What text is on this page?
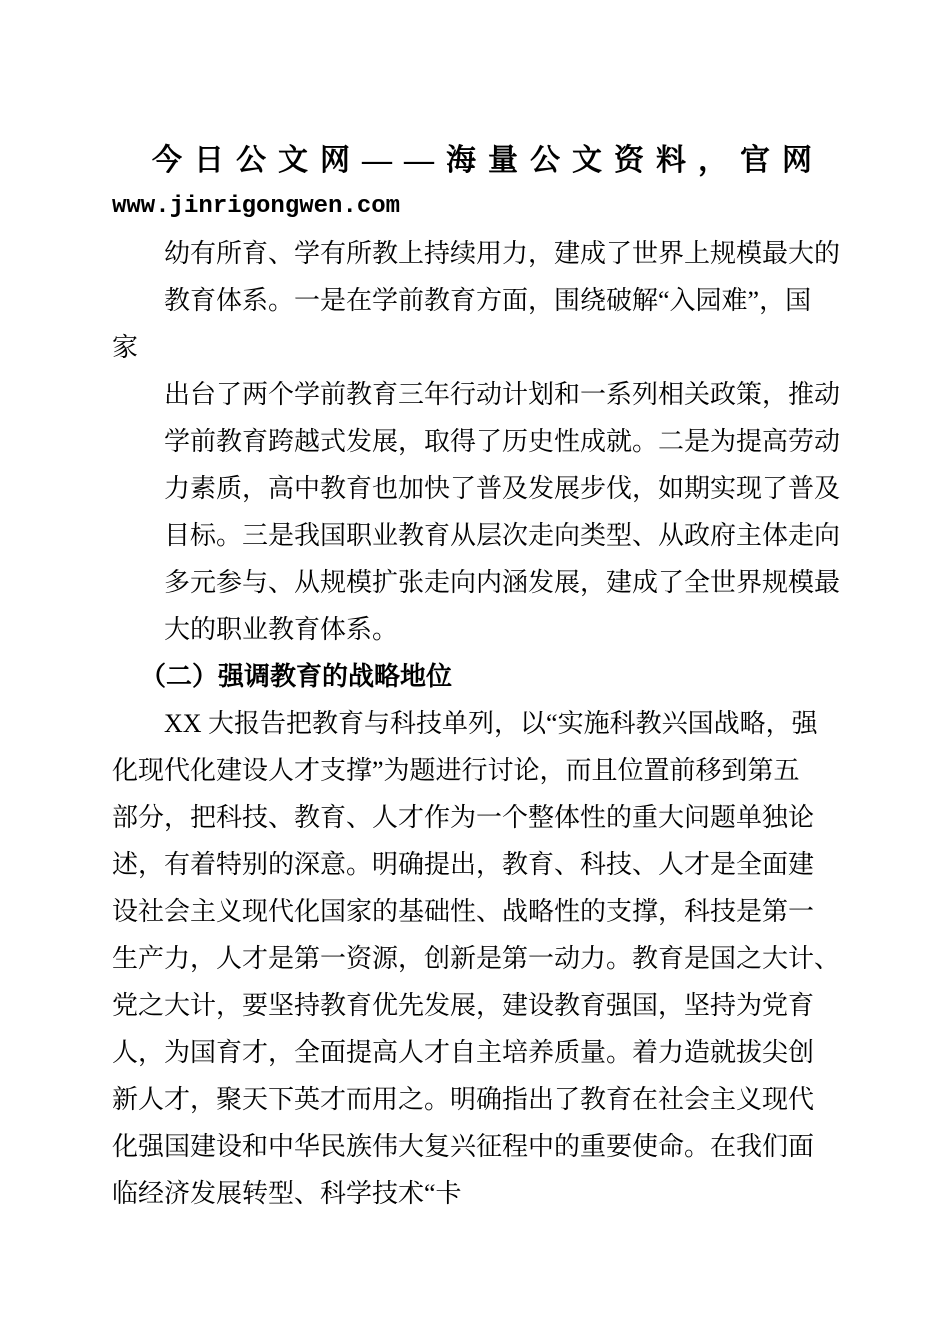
今日公文网——海量公文资料，官网
www.jinrigongwen.com
幼有所育、学有所教上持续用力，建成了世界上规模最大的
教育体系。一是在学前教育方面，围绕破解“入园难”，国
家
出台了两个学前教育三年行动计划和一系列相关政策，推动
学前教育跨越式发展，取得了历史性成就。二是为提高劳动
力素质，高中教育也加快了普及发展步伐，如期实现了普及
目标。三是我国职业教育从层次走向类型、从政府主体走向
多元参与、从规模扩张走向内涵发展，建成了全世界规模最
大的职业教育体系。
（二）强调教育的战略地位
XX 大报告把教育与科技单列，以“实施科教兴国战略，强
化现代化建设人才支撑”为题进行讨论，而且位置前移到第五
部分，把科技、教育、人才作为一个整体性的重大问题单独论
述，有着特别的深意。明确提出，教育、科技、人才是全面建
设社会主义现代化国家的基础性、战略性的支撑，科技是第一
生产力，人才是第一资源，创新是第一动力。教育是国之大计、
党之大计，要坚持教育优先发展，建设教育强国，坚持为党育
人，为国育才，全面提高人才自主培养质量。着力造就拔尖创
新人才，聚天下英才而用之。明确指出了教育在社会主义现代
化强国建设和中华民族伟大复兴征程中的重要使命。在我们面
临经济发展转型、科学技术“卡
